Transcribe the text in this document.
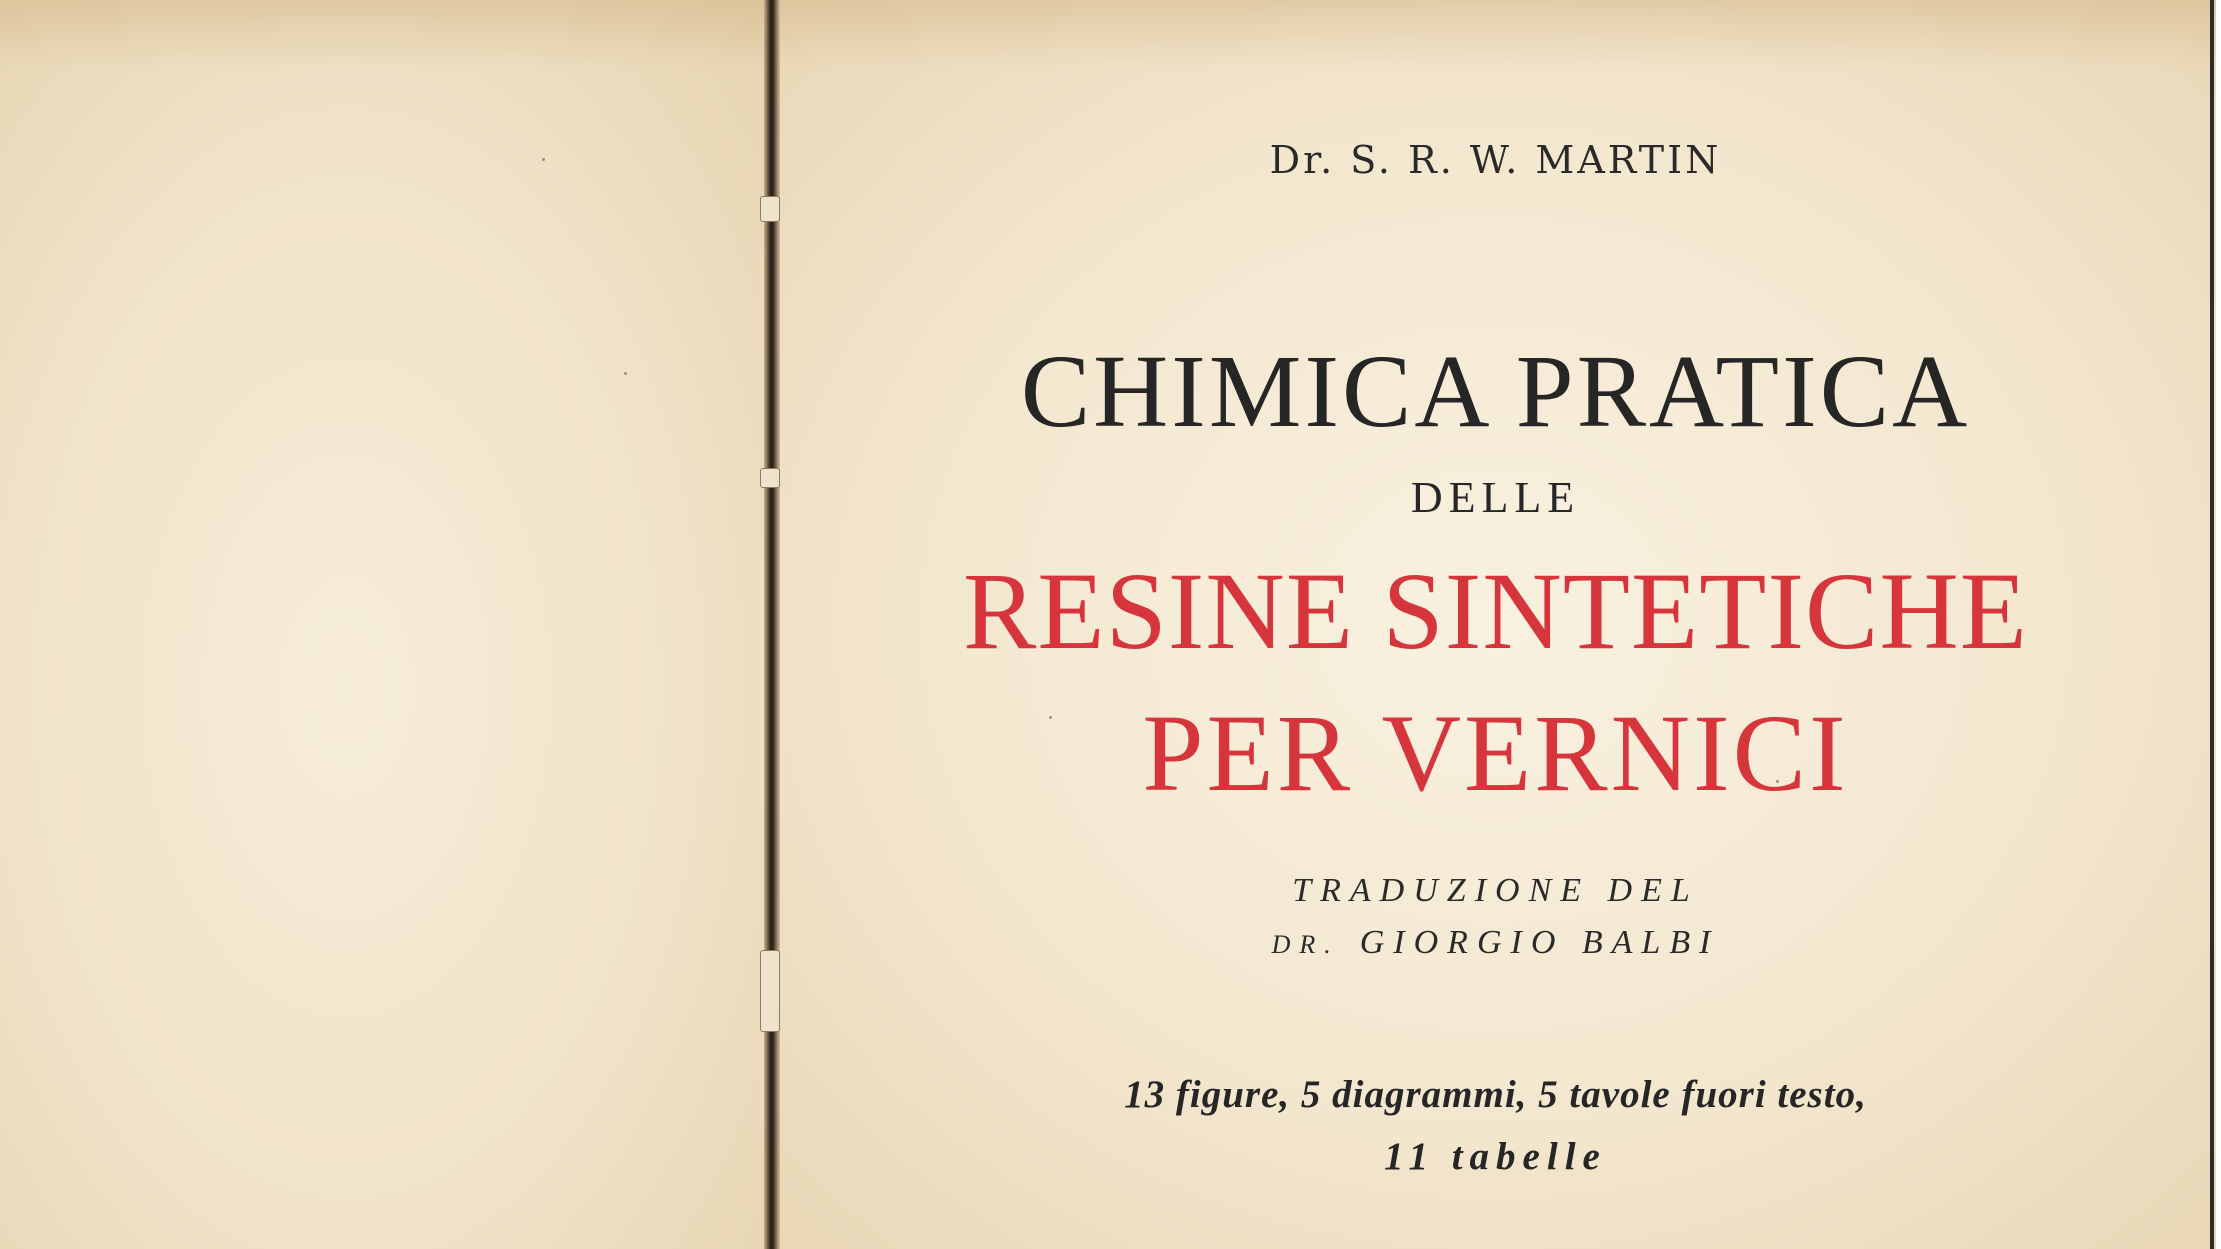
Dr. S. R. W. MARTIN
CHIMICA PRATICA
DELLE
RESINE SINTETICHE
PER VERNICI
TRADUZIONE DEL
DR. GIORGIO BALBI
13 figure, 5 diagrammi, 5 tavole fuori testo,
11 tabelle
